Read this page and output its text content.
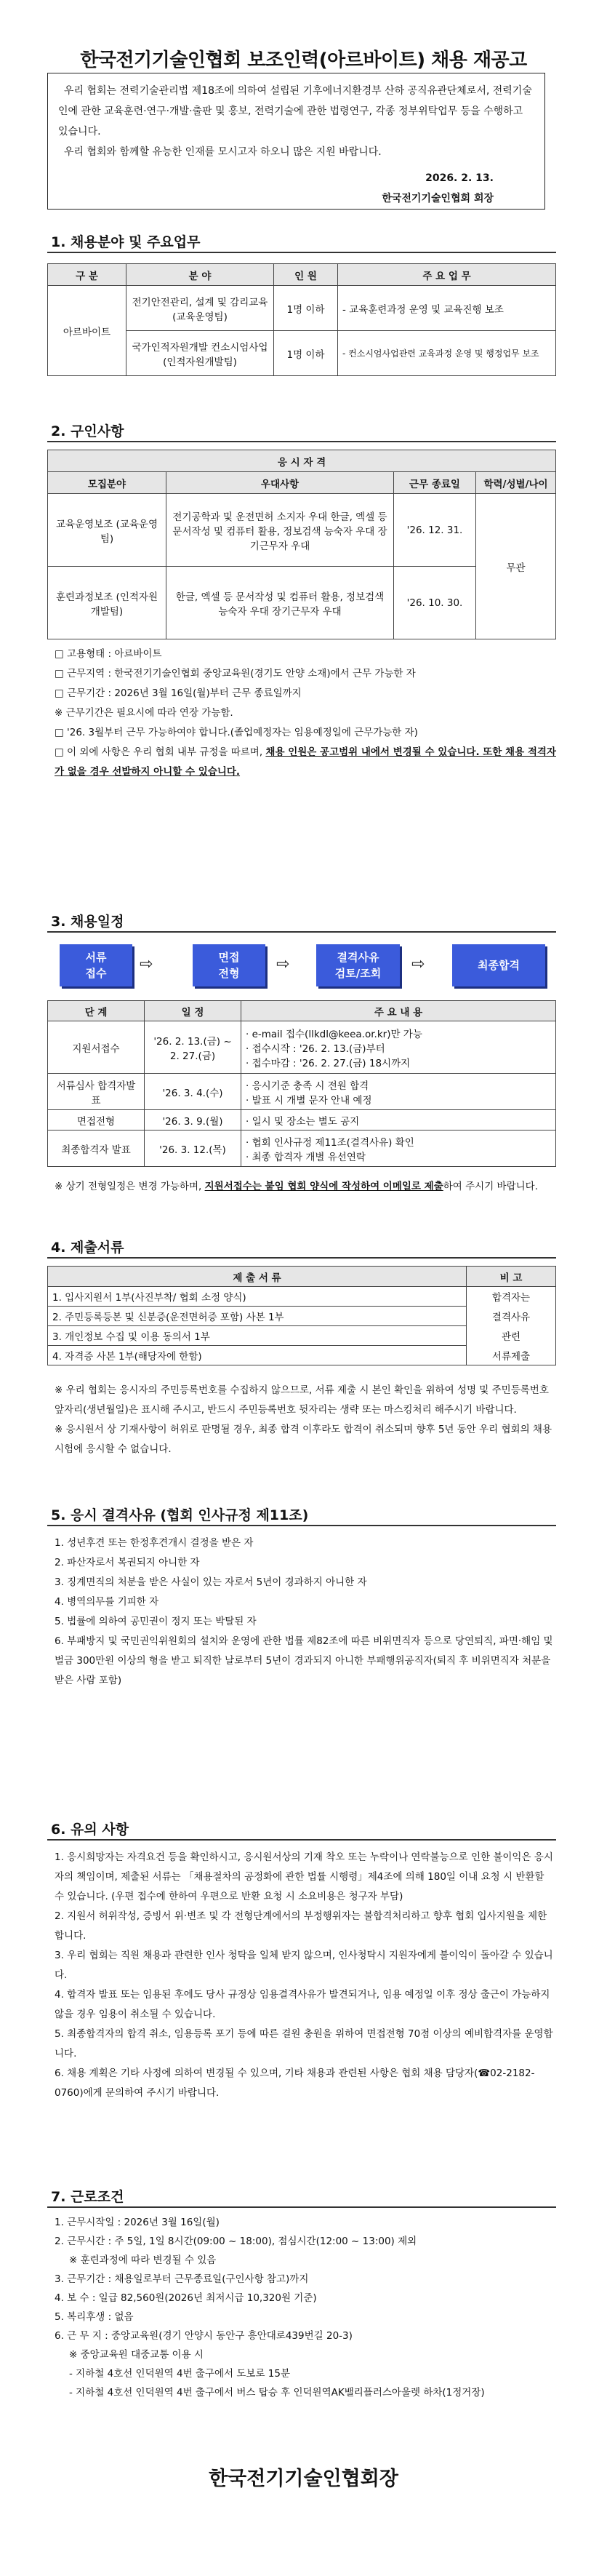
한국전기기술인협회 보조인력(아르바이트) 채용 재공고

우리 협회는 전력기술관리법 제18조에 의하여 설립된 기후에너지환경부 산하 공직유관단체로서, 전력기술인에 관한 교육훈련·연구·개발·출판 및 홍보, 전력기술에 관한 법령연구, 각종 정부위탁업무 등을 수행하고 있습니다.

우리 협회와 함께할 유능한 인재를 모시고자 하오니 많은 지원 바랍니다.

2026. 2. 13.
한국전기기술인협회 회장
1. 채용분야 및 주요업무
구 분	분 야	인 원	주 요 업 무
아르바이트	전기안전관리, 설계 및 감리교육 (교육운영팀)	1명 이하	- 교육훈련과정 운영 및 교육진행 보조
	국가인적자원개발 컨소시엄사업 (인적자원개발팀)	1명 이하	- 컨소시엄사업관련 교육과정 운영 및 행정업무 보조
2. 구인사항
응 시 자 격			
모집분야	우대사항	근무 종료일	학력/성별/나이
교육운영보조 (교육운영팀)	전기공학과 및 운전면허 소지자 우대 한글, 엑셀 등 문서작성 및 컴퓨터 활용, 정보검색 능숙자 우대 장기근무자 우대	'26. 12. 31.	무관
훈련과정보조 (인적자원개발팀)	한글, 엑셀 등 문서작성 및 컴퓨터 활용, 정보검색 능숙자 우대 장기근무자 우대	'26. 10. 30.	
□ 고용형태 : 아르바이트
□ 근무지역 : 한국전기기술인협회 중앙교육원(경기도 안양 소재)에서 근무 가능한 자
□ 근무기간 : 2026년 3월 16일(월)부터 근무 종료일까지
※ 근무기간은 필요시에 따라 연장 가능함.
□ '26. 3월부터 근무 가능하여야 합니다.(졸업예정자는 임용예정일에 근무가능한 자)
□ 이 외에 사항은 우리 협회 내부 규정을 따르며, 채용 인원은 공고범위 내에서 변경될 수 있습니다. 또한 채용 적격자가 없을 경우 선발하지 아니할 수 있습니다.
3. 채용일정
서류
접수 ⇨	면접
전형 ⇨	결격사유
검토/조회 ⇨	최종합격
단 계	일 정	주 요 내 용
지원서접수	'26. 2. 13.(금) ~ 2. 27.(금)	· e-mail 접수(llkdl@keea.or.kr)만 가능
· 접수시작 : '26. 2. 13.(금)부터
· 접수마감 : '26. 2. 27.(금) 18시까지

서류심사 합격자발표	'26. 3. 4.(수)	· 응시기준 충족 시 전원 합격
· 발표 시 개별 문자 안내 예정

면접전형	'26. 3. 9.(월)	· 일시 및 장소는 별도 공지

최종합격자 발표	'26. 3. 12.(목)	· 협회 인사규정 제11조(결격사유) 확인
· 최종 합격자 개별 유선연락
※ 상기 전형일정은 변경 가능하며, 지원서접수는 붙임 협회 양식에 작성하여 이메일로 제출하여 주시기 바랍니다.
4. 제출서류
제 출 서 류	비 고
1. 입사지원서 1부(사진부착/ 협회 소정 양식)	합격자는
2. 주민등록등본 및 신분증(운전면허증 포함) 사본 1부	결격사유
3. 개인정보 수집 및 이용 동의서 1부	관련
4. 자격증 사본 1부(해당자에 한함)	서류제출
※ 우리 협회는 응시자의 주민등록번호를 수집하지 않으므로, 서류 제출 시 본인 확인을 위하여 성명 및 주민등록번호 앞자리(생년월일)은 표시해 주시고, 반드시 주민등록번호 뒷자리는 생략 또는 마스킹처리 해주시기 바랍니다.
※ 응시원서 상 기재사항이 허위로 판명될 경우, 최종 합격 이후라도 합격이 취소되며 향후 5년 동안 우리 협회의 채용시험에 응시할 수 없습니다.
5. 응시 결격사유 (협회 인사규정 제11조)
1. 성년후견 또는 한정후견개시 결정을 받은 자
2. 파산자로서 복권되지 아니한 자
3. 징계면직의 처분을 받은 사실이 있는 자로서 5년이 경과하지 아니한 자
4. 병역의무를 기피한 자
5. 법률에 의하여 공민권이 정지 또는 박탈된 자
6. 부패방지 및 국민권익위원회의 설치와 운영에 관한 법률 제82조에 따른 비위면직자 등으로 당연퇴직, 파면·해임 및 벌금 300만원 이상의 형을 받고 퇴직한 날로부터 5년이 경과되지 아니한 부패행위공직자(퇴직 후 비위면직자 처분을 받은 사람 포함)
6. 유의 사항
1. 응시희망자는 자격요건 등을 확인하시고, 응시원서상의 기재 착오 또는 누락이나 연락불능으로 인한 불이익은 응시자의 책임이며, 제출된 서류는 「채용절차의 공정화에 관한 법률 시행령」제4조에 의해 180일 이내 요청 시 반환할 수 있습니다. (우편 접수에 한하여 우편으로 반환 요청 시 소요비용은 청구자 부담)
2. 지원서 허위작성, 증빙서 위·변조 및 각 전형단계에서의 부정행위자는 불합격처리하고 향후 협회 입사지원을 제한합니다.
3. 우리 협회는 직원 채용과 관련한 인사 청탁을 일체 받지 않으며, 인사청탁시 지원자에게 불이익이 돌아갈 수 있습니다.
4. 합격자 발표 또는 임용된 후에도 당사 규정상 임용결격사유가 발견되거나, 임용 예정일 이후 정상 출근이 가능하지 않을 경우 임용이 취소될 수 있습니다.
5. 최종합격자의 합격 취소, 임용등록 포기 등에 따른 결원 충원을 위하여 면접전형 70점 이상의 예비합격자를 운영합니다.
6. 채용 계획은 기타 사정에 의하여 변경될 수 있으며, 기타 채용과 관련된 사항은 협회 채용 담당자(☎02-2182-0760)에게 문의하여 주시기 바랍니다.
7. 근로조건
1. 근무시작일 : 2026년 3월 16일(월)
2. 근무시간 : 주 5일, 1일 8시간(09:00 ~ 18:00), 점심시간(12:00 ~ 13:00) 제외
※ 훈련과정에 따라 변경될 수 있음
3. 근무기간 : 채용일로부터 근무종료일(구인사항 참고)까지
4. 보 수 : 일급 82,560원(2026년 최저시급 10,320원 기준)
5. 복리후생 : 없음
6. 근 무 지 : 중앙교육원(경기 안양시 동안구 흥안대로439번길 20-3)
※ 중앙교육원 대중교통 이용 시
- 지하철 4호선 인덕원역 4번 출구에서 도보로 15분
- 지하철 4호선 인덕원역 4번 출구에서 버스 탑승 후 인덕원역AK밸리플러스아울렛 하차(1정거장)
한국전기기술인협회장
